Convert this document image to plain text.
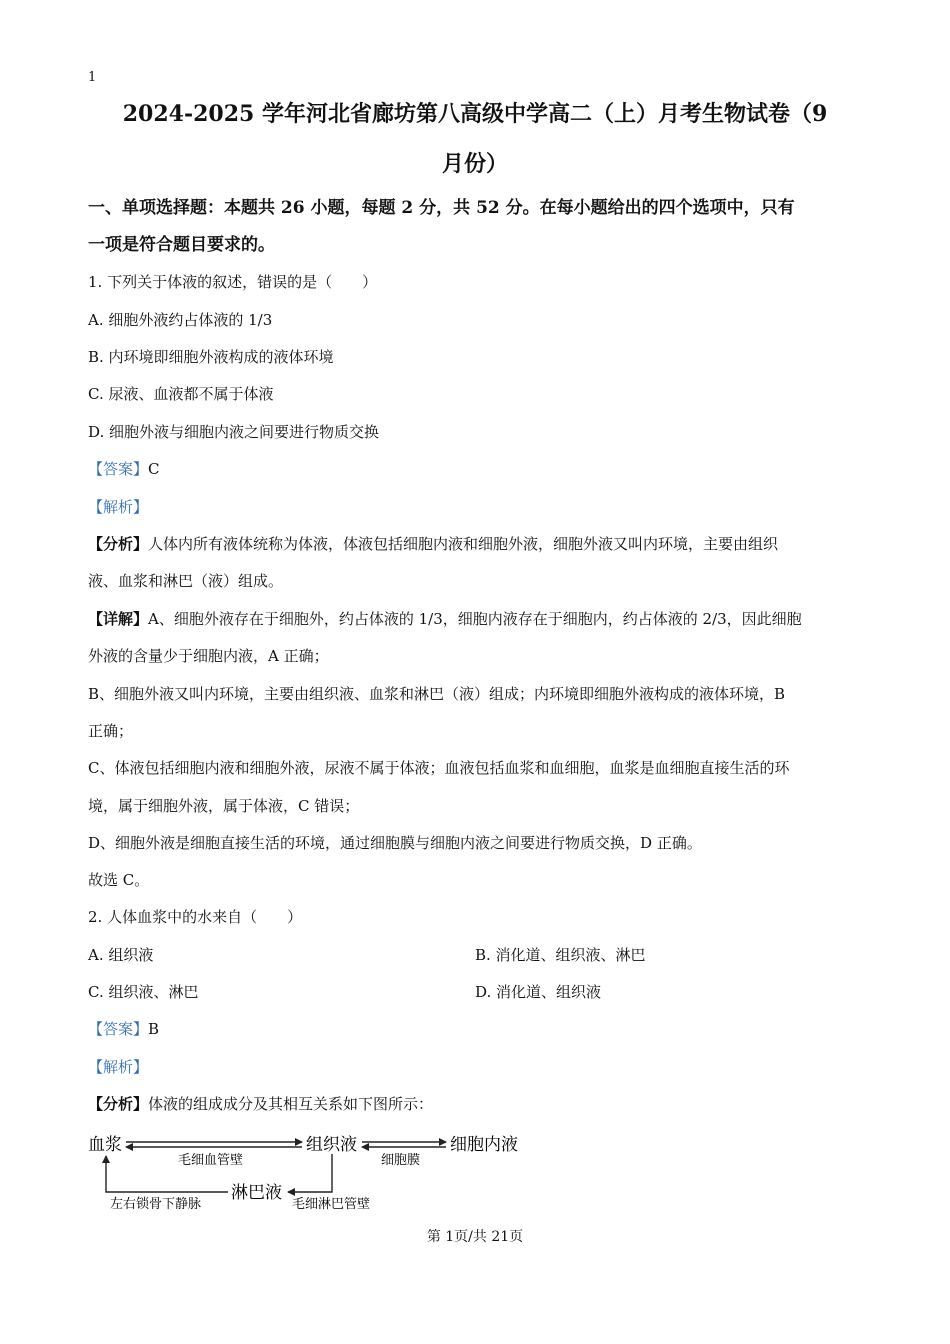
1
2024-2025 学年河北省廊坊第八高级中学高二（上）月考生物试卷（9
月份）
一、单项选择题：本题共 26 小题，每题 2 分，共 52 分。在每小题给出的四个选项中，只有
一项是符合题目要求的。
1. 下列关于体液的叙述，错误的是（　　）
A. 细胞外液约占体液的 1/3
B. 内环境即细胞外液构成的液体环境
C. 尿液、血液都不属于体液
D. 细胞外液与细胞内液之间要进行物质交换
【答案】C
【解析】
【分析】人体内所有液体统称为体液，体液包括细胞内液和细胞外液，细胞外液又叫内环境，主要由组织
液、血浆和淋巴（液）组成。
【详解】A、细胞外液存在于细胞外，约占体液的 1/3，细胞内液存在于细胞内，约占体液的 2/3，因此细胞
外液的含量少于细胞内液，A 正确；
B、细胞外液又叫内环境，主要由组织液、血浆和淋巴（液）组成；内环境即细胞外液构成的液体环境，B
正确；
C、体液包括细胞内液和细胞外液，尿液不属于体液；血液包括血浆和血细胞，血浆是血细胞直接生活的环
境，属于细胞外液，属于体液，C 错误；
D、细胞外液是细胞直接生活的环境，通过细胞膜与细胞内液之间要进行物质交换，D 正确。
故选 C。
2. 人体血浆中的水来自（　　）
A. 组织液	B. 消化道、组织液、淋巴
C. 组织液、淋巴	D. 消化道、组织液
【答案】B
【解析】
【分析】体液的组成成分及其相互关系如下图所示：
血浆	组织液	细胞内液
淋巴液
毛细血管壁	细胞膜
毛细淋巴管壁
左右锁骨下静脉
第 1页/共 21页
